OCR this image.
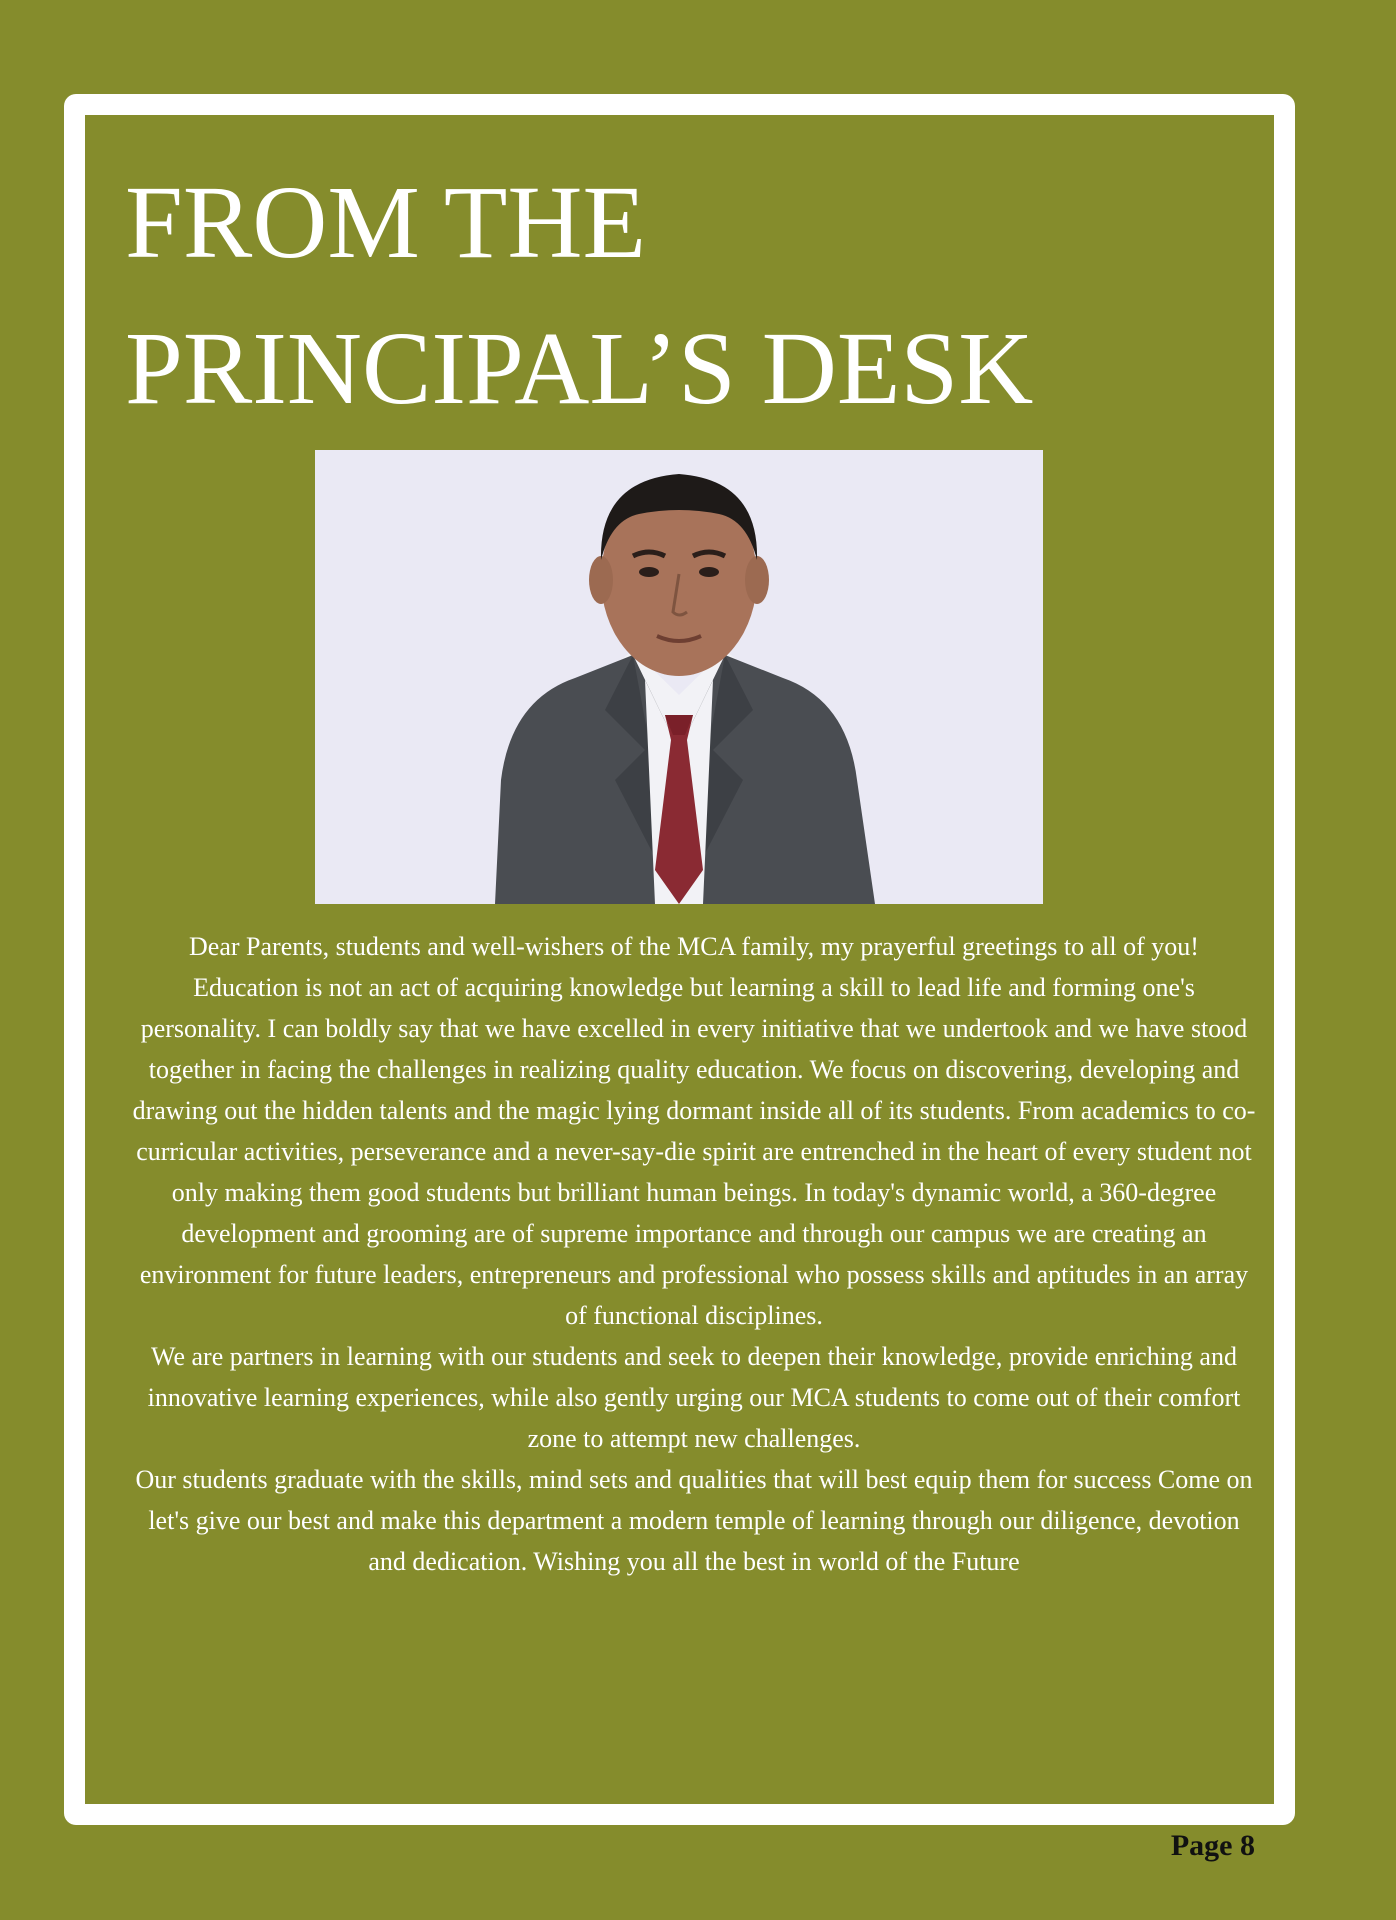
FROM THE
PRINCIPAL’S DESK

Dear Parents, students and well-wishers of the MCA family, my prayerful greetings to all of you!

Education is not an act of acquiring knowledge but learning a skill to lead life and forming one's personality. I can boldly say that we have excelled in every initiative that we undertook and we have stood together in facing the challenges in realizing quality education. We focus on discovering, developing and drawing out the hidden talents and the magic lying dormant inside all of its students. From academics to co-curricular activities, perseverance and a never-say-die spirit are entrenched in the heart of every student not only making them good students but brilliant human beings. In today's dynamic world, a 360-degree development and grooming are of supreme importance and through our campus we are creating an environment for future leaders, entrepreneurs and professional who possess skills and aptitudes in an array of functional disciplines.

We are partners in learning with our students and seek to deepen their knowledge, provide enriching and innovative learning experiences, while also gently urging our MCA students to come out of their comfort zone to attempt new challenges.

Our students graduate with the skills, mind sets and qualities that will best equip them for success Come on let's give our best and make this department a modern temple of learning through our diligence, devotion and dedication. Wishing you all the best in world of the Future

Page 8
